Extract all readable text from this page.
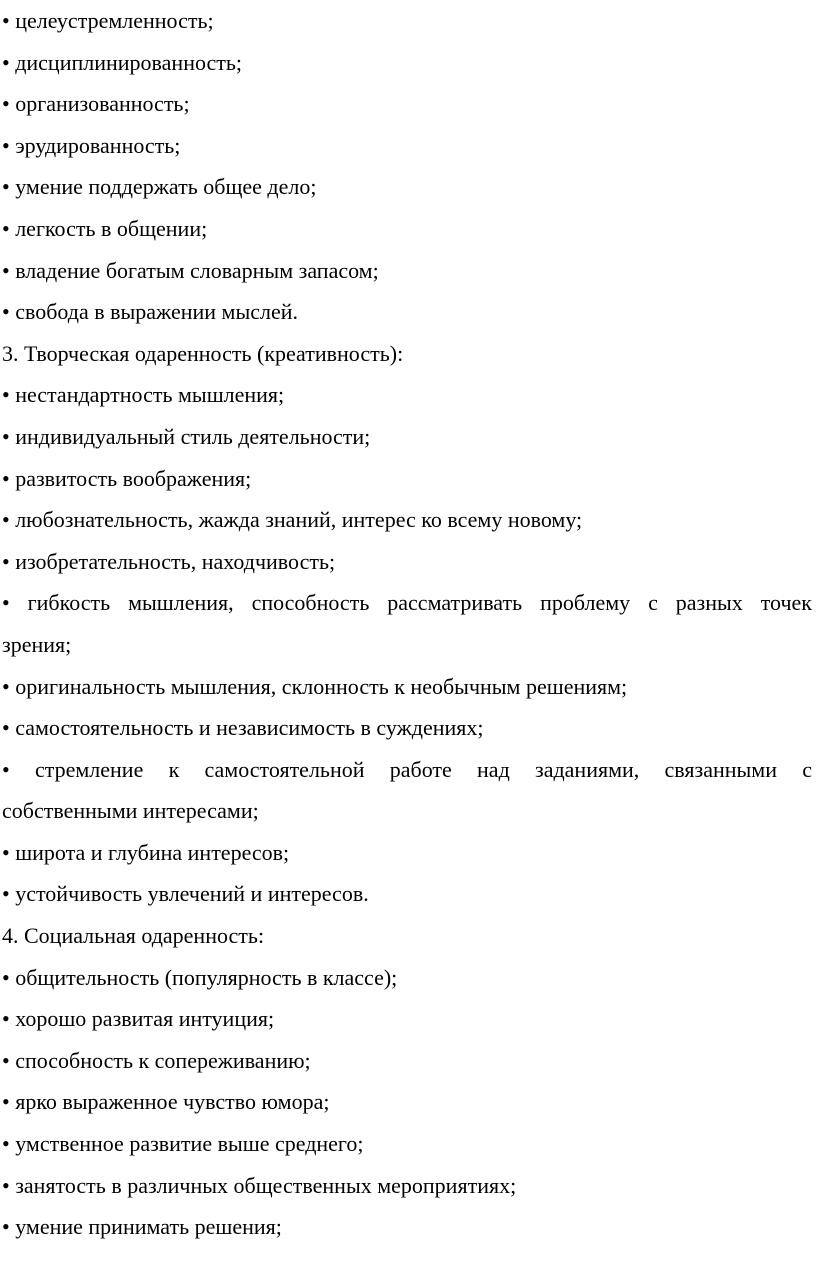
• целеустремленность;
• дисциплинированность;
• организованность;
• эрудированность;
• умение поддержать общее дело;
• легкость в общении;
• владение богатым словарным запасом;
• свобода в выражении мыслей.
3. Творческая одаренность (креативность):
• нестандартность мышления;
• индивидуальный стиль деятельности;
• развитость воображения;
• любознательность, жажда знаний, интерес ко всему новому;
• изобретательность, находчивость;
• гибкость мышления, способность рассматривать проблему с разных точек
зрения;
• оригинальность мышления, склонность к необычным решениям;
• самостоятельность и независимость в суждениях;
• стремление к самостоятельной работе над заданиями, связанными с
собственными интересами;
• широта и глубина интересов;
• устойчивость увлечений и интересов.
4. Социальная одаренность:
• общительность (популярность в классе);
• хорошо развитая интуиция;
• способность к сопереживанию;
• ярко выраженное чувство юмора;
• умственное развитие выше среднего;
• занятость в различных общественных мероприятиях;
• умение принимать решения;
